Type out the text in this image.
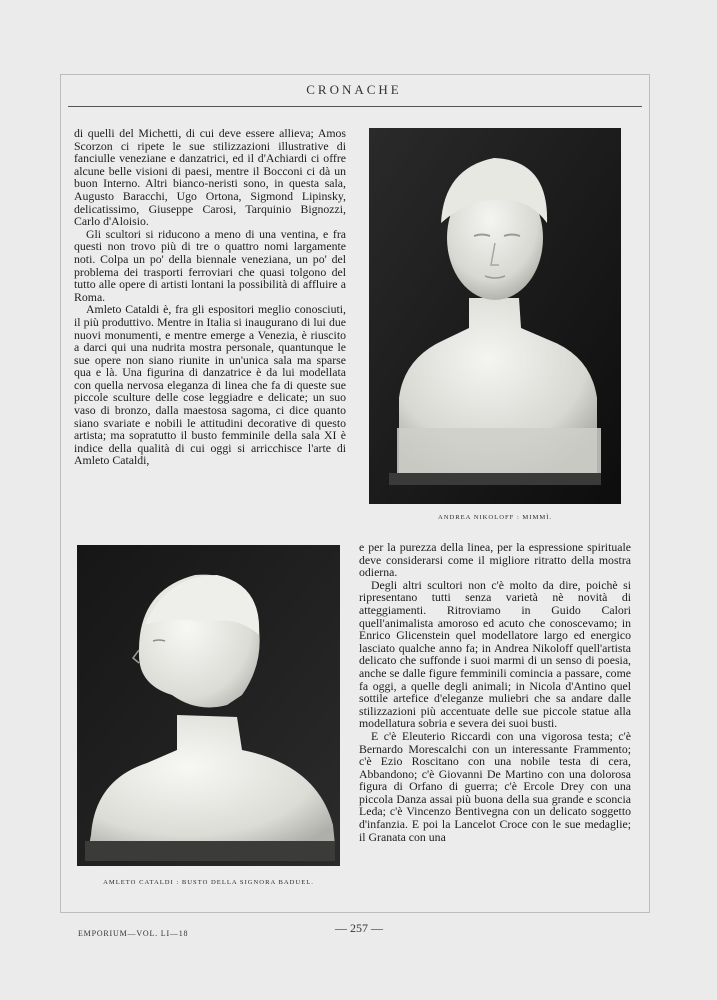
CRONACHE

di quelli del Michetti, di cui deve essere allieva; Amos Scorzon ci ripete le sue stilizzazioni illustrative di fanciulle veneziane e danzatrici, ed il d'Achiardi ci offre alcune belle visioni di paesi, mentre il Bocconi ci dà un buon Interno. Altri bianco-neristi sono, in questa sala, Augusto Baracchi, Ugo Ortona, Sigmond Lipinsky, delicatissimo, Giuseppe Carosi, Tarquinio Bignozzi, Carlo d'Aloisio.

Gli scultori si riducono a meno di una ventina, e fra questi non trovo più di tre o quattro nomi largamente noti. Colpa un po' della biennale veneziana, un po' del problema dei trasporti ferroviari che quasi tolgono del tutto alle opere di artisti lontani la possibilità di affluire a Roma.

Amleto Cataldi è, fra gli espositori meglio conosciuti, il più produttivo. Mentre in Italia si inaugurano di lui due nuovi monumenti, e mentre emerge a Venezia, è riuscito a darci qui una nudrita mostra personale, quantunque le sue opere non siano riunite in un'unica sala ma sparse qua e là. Una figurina di danzatrice è da lui modellata con quella nervosa eleganza di linea che fa di queste sue piccole sculture delle cose leggiadre e delicate; un suo vaso di bronzo, dalla maestosa sagoma, ci dice quanto siano svariate e nobili le attitudini decorative di questo artista; ma sopratutto il busto femminile della sala XI è indice della qualità di cui oggi si arricchisce l'arte di Amleto Cataldi,

ANDREA NIKOLOFF : MIMMÌ.
AMLETO CATALDI : BUSTO DELLA SIGNORA BADUEL.

e per la purezza della linea, per la espressione spirituale deve considerarsi come il migliore ritratto della mostra odierna.

Degli altri scultori non c'è molto da dire, poichè si ripresentano tutti senza varietà nè novità di atteggiamenti. Ritroviamo in Guido Calori quell'animalista amoroso ed acuto che conoscevamo; in Enrico Glicenstein quel modellatore largo ed energico lasciato qualche anno fa; in Andrea Nikoloff quell'artista delicato che suffonde i suoi marmi di un senso di poesia, anche se dalle figure femminili comincia a passare, come fa oggi, a quelle degli animali; in Nicola d'Antino quel sottile artefice d'eleganze muliebri che sa andare dalle stilizzazioni più accentuate delle sue piccole statue alla modellatura sobria e severa dei suoi busti.

E c'è Eleuterio Riccardi con una vigorosa testa; c'è Bernardo Morescalchi con un interessante Frammento; c'è Ezio Roscitano con una nobile testa di cera, Abbandono; c'è Giovanni De Martino con una dolorosa figura di Orfano di guerra; c'è Ercole Drey con una piccola Danza assai più buona della sua grande e sconcia Leda; c'è Vincenzo Bentivegna con un delicato soggetto d'infanzia. E poi la Lancelot Croce con le sue medaglie; il Granata con una

EMPORIUM—VOL. LI—18	— 257 —
